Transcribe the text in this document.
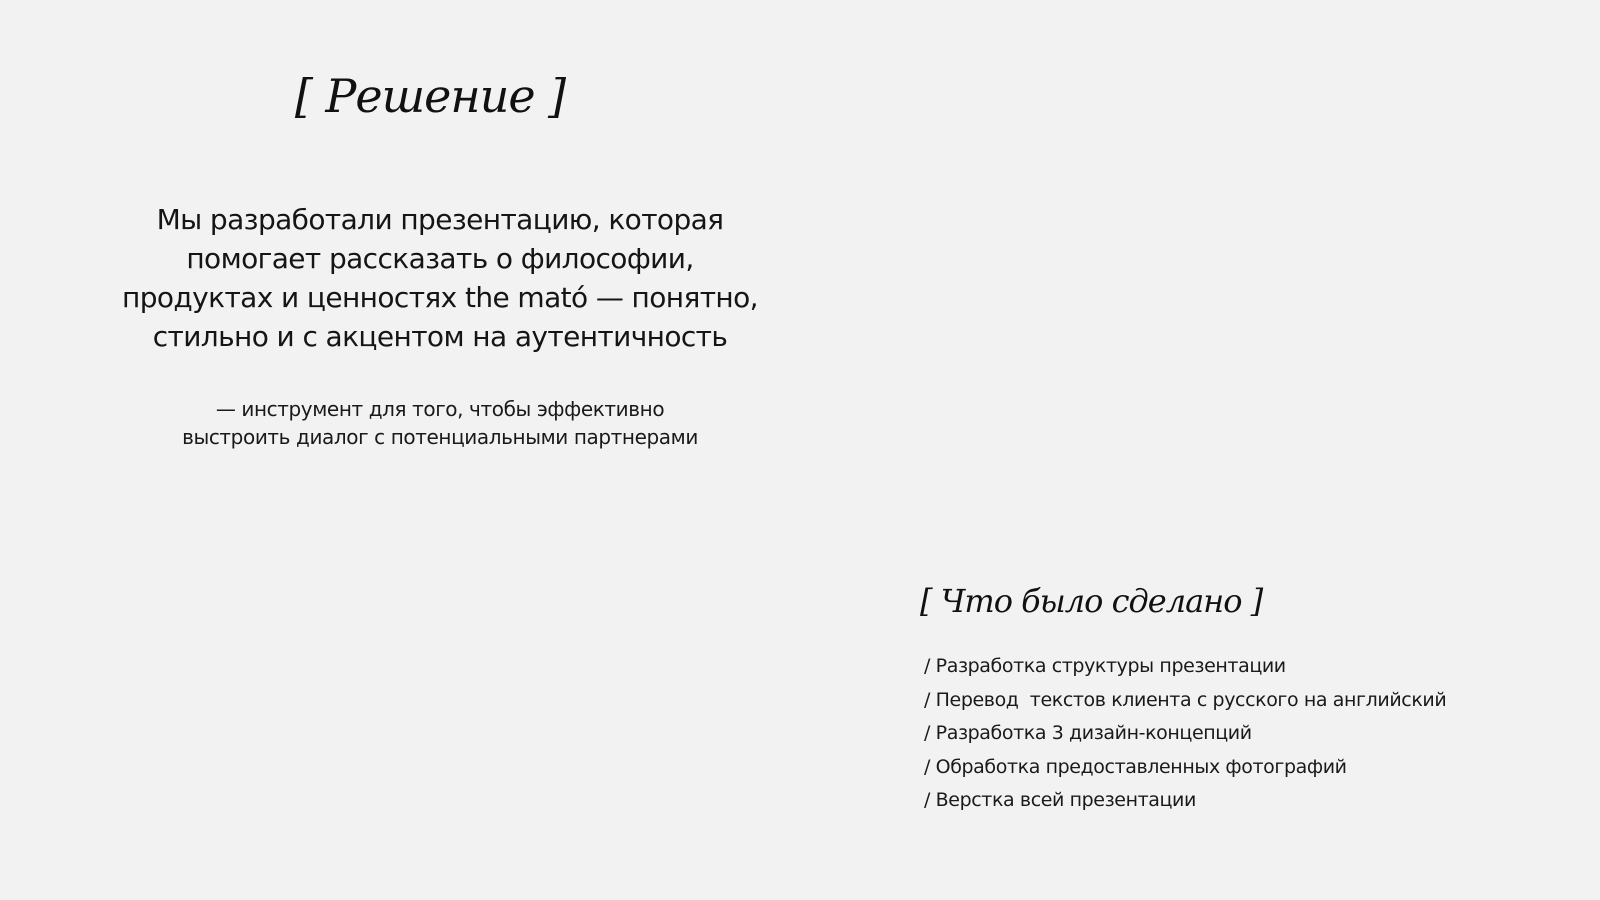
[ Решение ]

Мы разработали презентацию, которая
помогает рассказать о философии,
продуктах и ценностях the mató — понятно,
стильно и с акцентом на аутентичность

— инструмент для того, чтобы эффективно
выстроить диалог с потенциальными партнерами

[ Что было сделано ]
/ Разработка структуры презентации
/ Перевод  текстов клиента с русского на английский
/ Разработка 3 дизайн-концепций
/ Обработка предоставленных фотографий
/ Верстка всей презентации
